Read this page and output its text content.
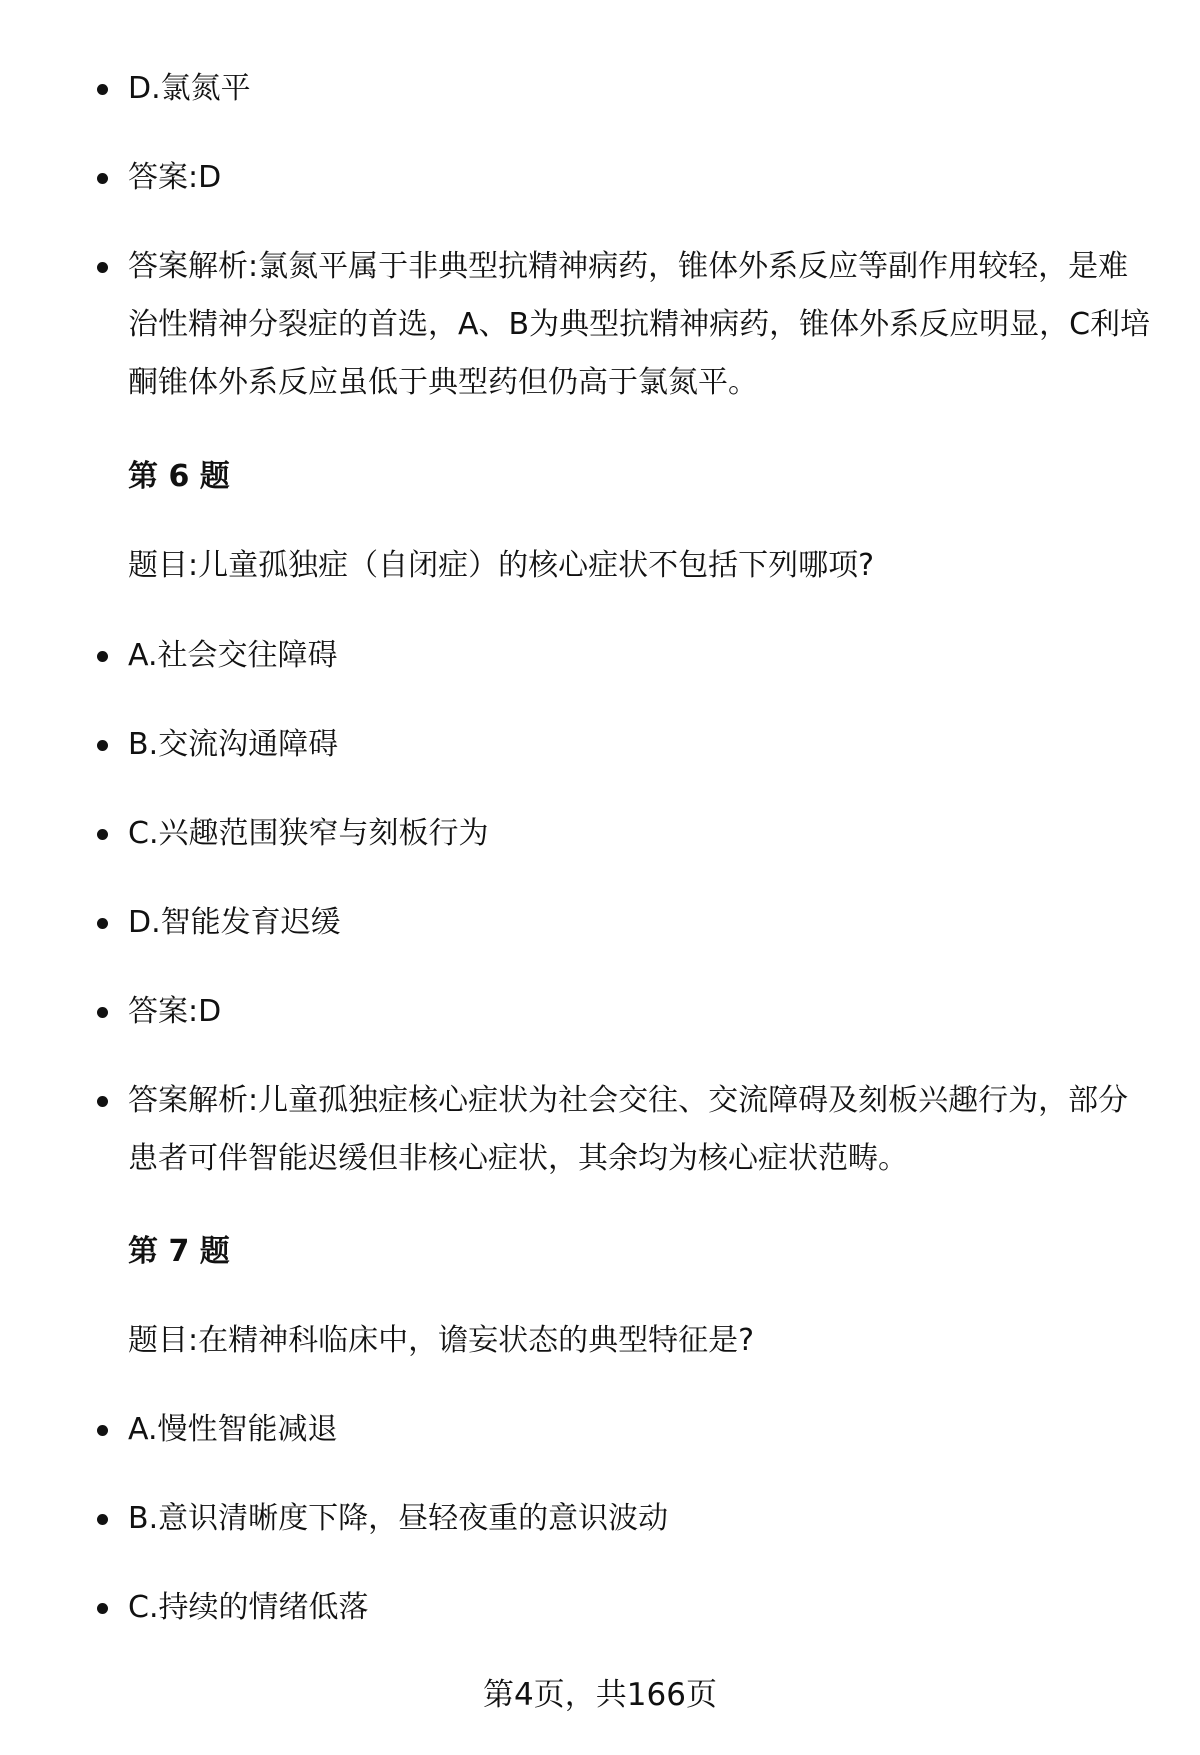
D.氯氮平
答案:D
答案解析:氯氮平属于非典型抗精神病药，锥体外系反应等副作用较轻，是难治性精神分裂症的首选，A、B为典型抗精神病药，锥体外系反应明显，C利培酮锥体外系反应虽低于典型药但仍高于氯氮平。
第 6 题
题目:儿童孤独症（自闭症）的核心症状不包括下列哪项?
A.社会交往障碍
B.交流沟通障碍
C.兴趣范围狭窄与刻板行为
D.智能发育迟缓
答案:D
答案解析:儿童孤独症核心症状为社会交往、交流障碍及刻板兴趣行为，部分患者可伴智能迟缓但非核心症状，其余均为核心症状范畴。
第 7 题
题目:在精神科临床中，谵妄状态的典型特征是?
A.慢性智能减退
B.意识清晰度下降，昼轻夜重的意识波动
C.持续的情绪低落
第4页，共166页
